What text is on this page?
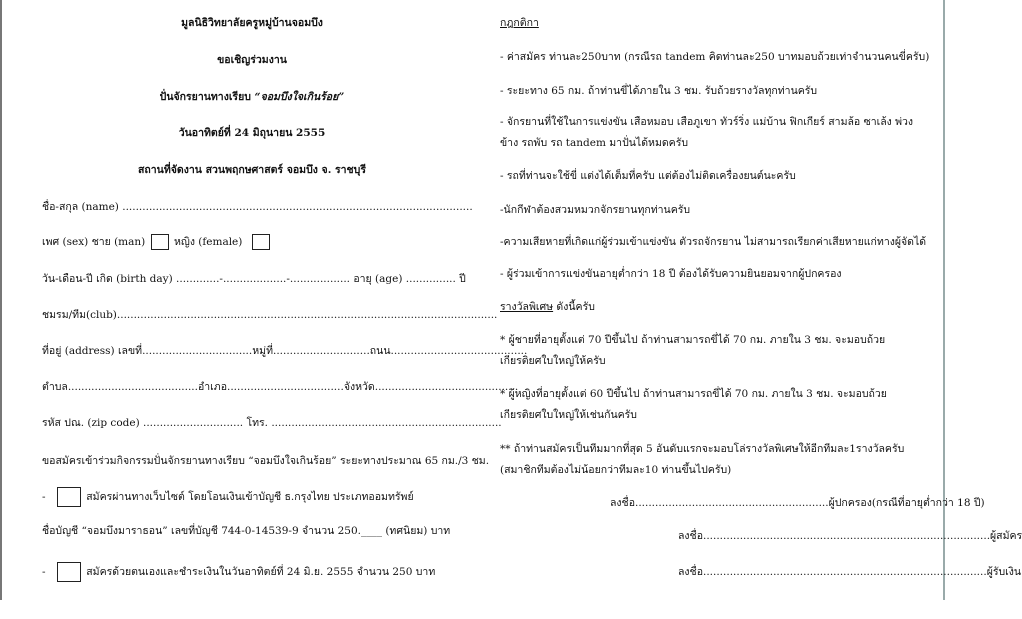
มูลนิธิวิทยาลัยครูหมู่บ้านจอมบึง
ขอเชิญร่วมงาน
ปั่นจักรยานทางเรียบ “จอมบึงใจเกินร้อย”
วันอาทิตย์ที่ 24 มิถุนายน 2555
สถานที่จัดงาน สวนพฤกษศาสตร์ จอมบึง จ. ราชบุรี
ชื่อ-สกุล (name) .........................................................................................................
เพศ (sex) ชาย (man)	หญิง (female)
วัน-เดือน-ปี เกิด (birth day) .............-...................-.................. อายุ (age) ............... ปี
ชมรม/ทีม(club)..................................................................................................................
ที่อยู่ (address) เลขที่.................................หมู่ที่.............................ถนน.........................................
ตำบล.......................................อำเภอ...................................จังหวัด...........................................
รหัส ปณ. (zip code) .............................. โทร. .....................................................................
ขอสมัครเข้าร่วมกิจกรรมปั่นจักรยานทางเรียบ “จอมบึงใจเกินร้อย” ระยะทางประมาณ 65 กม./3 ชม.
-	สมัครผ่านทางเว็บไซต์ โดยโอนเงินเข้าบัญชี ธ.กรุงไทย ประเภทออมทรัพย์
ชื่อบัญชี “จอมบึงมาราธอน” เลขที่บัญชี 744-0-14539-9 จำนวน 250.____ (ทศนิยม) บาท
-	สมัครด้วยตนเองและชำระเงินในวันอาทิตย์ที่ 24 มิ.ย. 2555 จำนวน 250 บาท
กฎกติกา
- ค่าสมัคร ท่านละ250บาท (กรณีรถ tandem คิดท่านละ250 บาทมอบถ้วยเท่าจำนวนคนขี่ครับ)
- ระยะทาง 65 กม. ถ้าท่านขี่ได้ภายใน 3 ชม. รับถ้วยรางวัลทุกท่านครับ
- จักรยานที่ใช้ในการแข่งขัน เสือหมอบ เสือภูเขา ทัวร์ริ่ง แม่บ้าน ฟิกเกียร์ สามล้อ ซาเล้ง พ่วงข้าง รถพับ รถ tandem มาปั่นได้หมดครับ
- รถที่ท่านจะใช้ขี่ แต่งได้เต็มที่ครับ แต่ต้องไม่ติดเครื่องยนต์นะครับ
-นักกีฬาต้องสวมหมวกจักรยานทุกท่านครับ
-ความเสียหายที่เกิดแก่ผู้ร่วมเข้าแข่งขัน ตัวรถจักรยาน ไม่สามารถเรียกค่าเสียหายแก่ทางผู้จัดได้
- ผู้ร่วมเข้าการแข่งขันอายุต่ำกว่า 18 ปี ต้องได้รับความยินยอมจากผู้ปกครอง
รางวัลพิเศษ ดังนี้ครับ
* ผู้ชายที่อายุตั้งแต่ 70 ปีขึ้นไป ถ้าท่านสามารถขี่ได้ 70 กม. ภายใน 3 ชม. จะมอบถ้วยเกียรติยศใบใหญ่ให้ครับ
* ผู้หญิงที่อายุตั้งแต่ 60 ปีขึ้นไป ถ้าท่านสามารถขี่ได้ 70 กม. ภายใน 3 ชม. จะมอบถ้วยเกียรติยศใบใหญ่ให้เช่นกันครับ
** ถ้าท่านสมัครเป็นทีมมากที่สุด 5 อันดับแรกจะมอบโล่รางวัลพิเศษให้อีกทีมละ1รางวัลครับ (สมาชิกทีมต้องไม่น้อยกว่าทีมละ10 ท่านขึ้นไปครับ)
ลงชื่อ..........................................................ผู้ปกครอง(กรณีที่อายุต่ำกว่า 18 ปี)
ลงชื่อ......................................................................................ผู้สมัคร
ลงชื่อ.....................................................................................ผู้รับเงิน
